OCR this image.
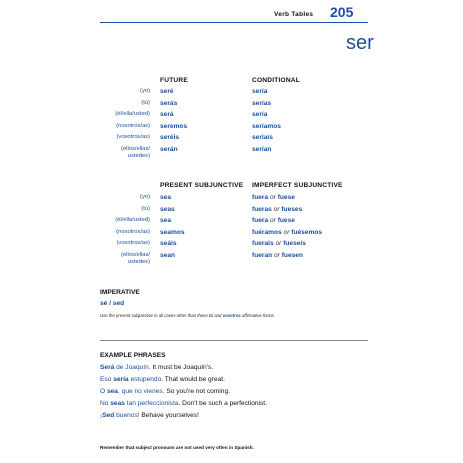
Verb Tables 205
ser
FUTURE	CONDITIONAL
(yo)
(tú)
(él/ella/usted)
(nosotros/as)
(vosotros/as)
(ellos/ellas/
ustedes)
seré
serás
será
seremos
seréis
serán
sería
serías
sería
seríamos
seríais
serían
PRESENT SUBJUNCTIVE IMPERFECT SUBJUNCTIVE
(yo)
(tú)
(él/ella/usted)
(nosotros/as)
(vosotros/as)
(ellos/ellas/
ustedes)
sea
seas
sea
seamos
seáis
sean
fuera or fuese
fueras or fueses
fuera or fuese
fuéramos or fuésemos
fuerais or fueseis
fueran or fuesen
IMPERATIVE
sé / sed
Use the present subjunctive in all cases other than these tú and vosotros affirmative forms.
EXAMPLE PHRASES
Será de Joaquín. It must be Joaquín's.
Eso sería estupendo. That would be great.
O sea, que no vienes. So you're not coming.
No seas tan perfeccionista. Don't be such a perfectionist.
¡Sed buenos! Behave yourselves!
Remember that subject pronouns are not used very often in Spanish.
